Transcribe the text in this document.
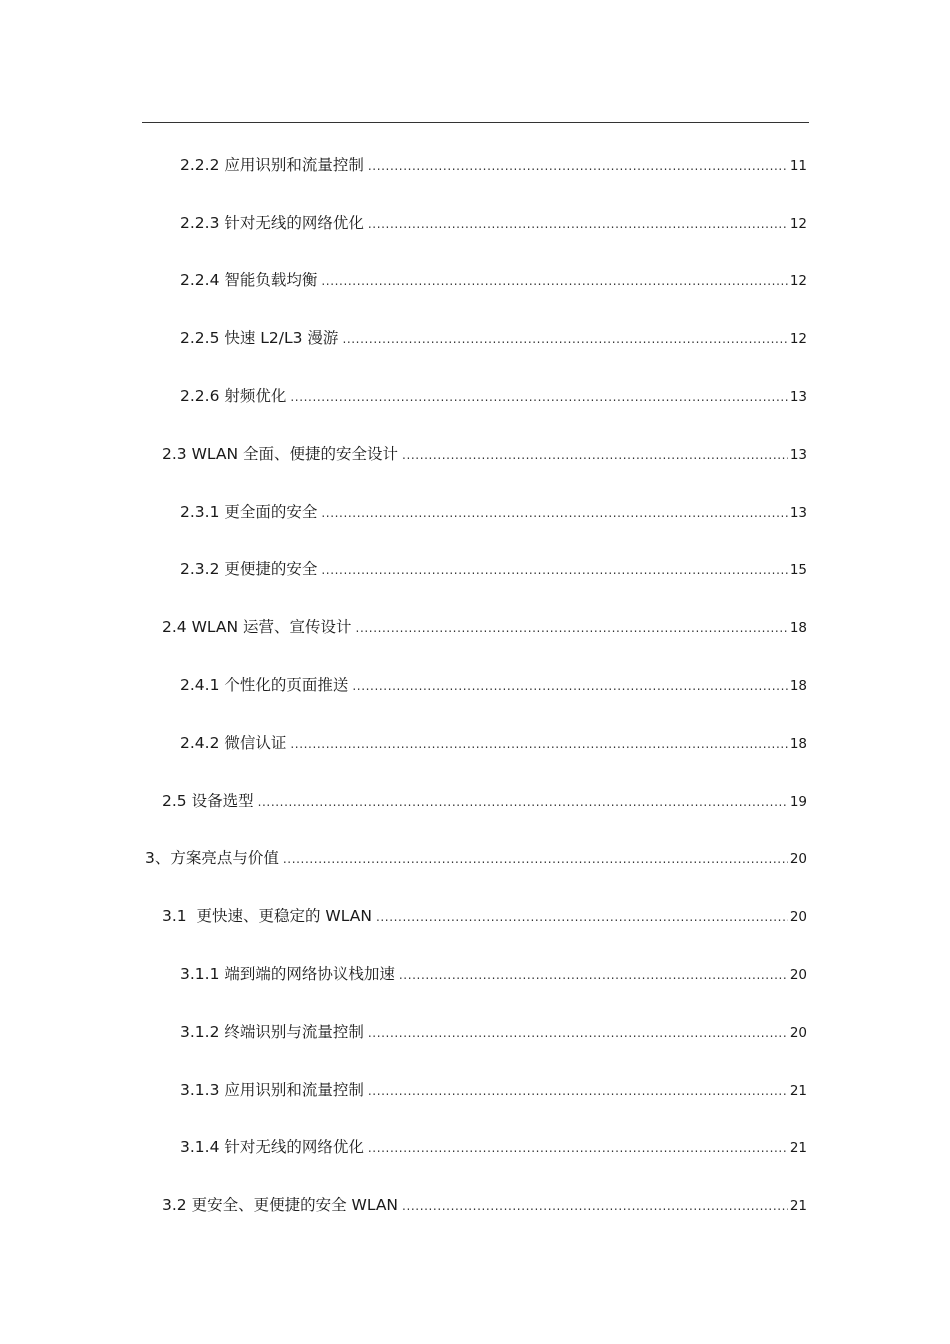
2.2.2 应用识别和流量控制 .....	11
2.2.3 针对无线的网络优化 .....	12
2.2.4 智能负载均衡 .....	12
2.2.5 快速 L2/L3 漫游 .....	12
2.2.6 射频优化 .....	13
2.3 WLAN 全面、便捷的安全设计 .....	13
2.3.1 更全面的安全 .....	13
2.3.2 更便捷的安全 .....	15
2.4 WLAN 运营、宣传设计 .....	18
2.4.1 个性化的页面推送 .....	18
2.4.2 微信认证 .....	18
2.5 设备选型 .....	19
3、方案亮点与价值 .....	20
3.1  更快速、更稳定的 WLAN .....	20
3.1.1 端到端的网络协议栈加速 .....	20
3.1.2 终端识别与流量控制 .....	20
3.1.3 应用识别和流量控制 .....	21
3.1.4 针对无线的网络优化 .....	21
3.2 更安全、更便捷的安全 WLAN .....	21
